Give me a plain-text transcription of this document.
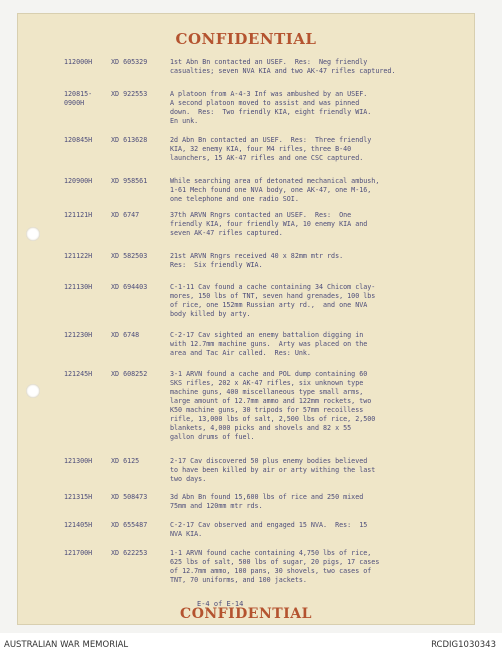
CONFIDENTIAL
112000H	XD 605329	1st Abn Bn contacted an USEF.  Res:  Neg friendly
casualties; seven NVA KIA and two AK-47 rifles captured.
120815-
0900H
XD 922553	A platoon from A-4-3 Inf was ambushed by an USEF.
A second platoon moved to assist and was pinned
down.  Res:  Two friendly KIA, eight friendly WIA.
En unk.
120845H	XD 613628	2d Abn Bn contacted an USEF.  Res:  Three friendly
KIA, 32 enemy KIA, four M4 rifles, three B-40
launchers, 15 AK-47 rifles and one CSC captured.
120900H	XD 958561	While searching area of detonated mechanical ambush,
1-61 Mech found one NVA body, one AK-47, one M-16,
one telephone and one radio SOI.
121121H	XD 6747	37th ARVN Rngrs contacted an USEF.  Res:  One
friendly KIA, four friendly WIA, 10 enemy KIA and
seven AK-47 rifles captured.
121122H	XD 582503	21st ARVN Rngrs received 40 x 82mm mtr rds.
Res:  Six friendly WIA.
121130H	XD 694403	C-1-11 Cav found a cache containing 34 Chicom clay-
mores, 150 lbs of TNT, seven hand grenades, 100 lbs
of rice, one 152mm Russian arty rd.,  and one NVA
body killed by arty.
121230H	XD 6748	C-2-17 Cav sighted an enemy battalion digging in
with 12.7mm machine guns.  Arty was placed on the
area and Tac Air called.  Res: Unk.
121245H	XD 608252	3-1 ARVN found a cache and POL dump containing 60
SKS rifles, 202 x AK-47 rifles, six unknown type
machine guns, 400 miscellaneous type small arms,
large amount of 12.7mm ammo and 122mm rockets, two
K50 machine guns, 30 tripods for 57mm recoilless
rifle, 13,000 lbs of salt, 2,500 lbs of rice, 2,500
blankets, 4,000 picks and shovels and 82 x 55
gallon drums of fuel.
121300H	XD 6125	2-17 Cav discovered 50 plus enemy bodies believed
to have been killed by air or arty withing the last
two days.
121315H	XD 508473	3d Abn Bn found 15,600 lbs of rice and 250 mixed
75mm and 120mm mtr rds.
121405H	XD 655487	C-2-17 Cav observed and engaged 15 NVA.  Res:  15
NVA KIA.
121700H	XD 622253	1-1 ARVN found cache containing 4,750 lbs of rice,
625 lbs of salt, 500 lbs of sugar, 20 pigs, 17 cases
of 12.7mm ammo, 100 pans, 30 shovels, two cases of
TNT, 70 uniforms, and 100 jackets.
E-4 of E-14
CONFIDENTIAL
AUSTRALIAN WAR MEMORIAL	RCDIG1030343
